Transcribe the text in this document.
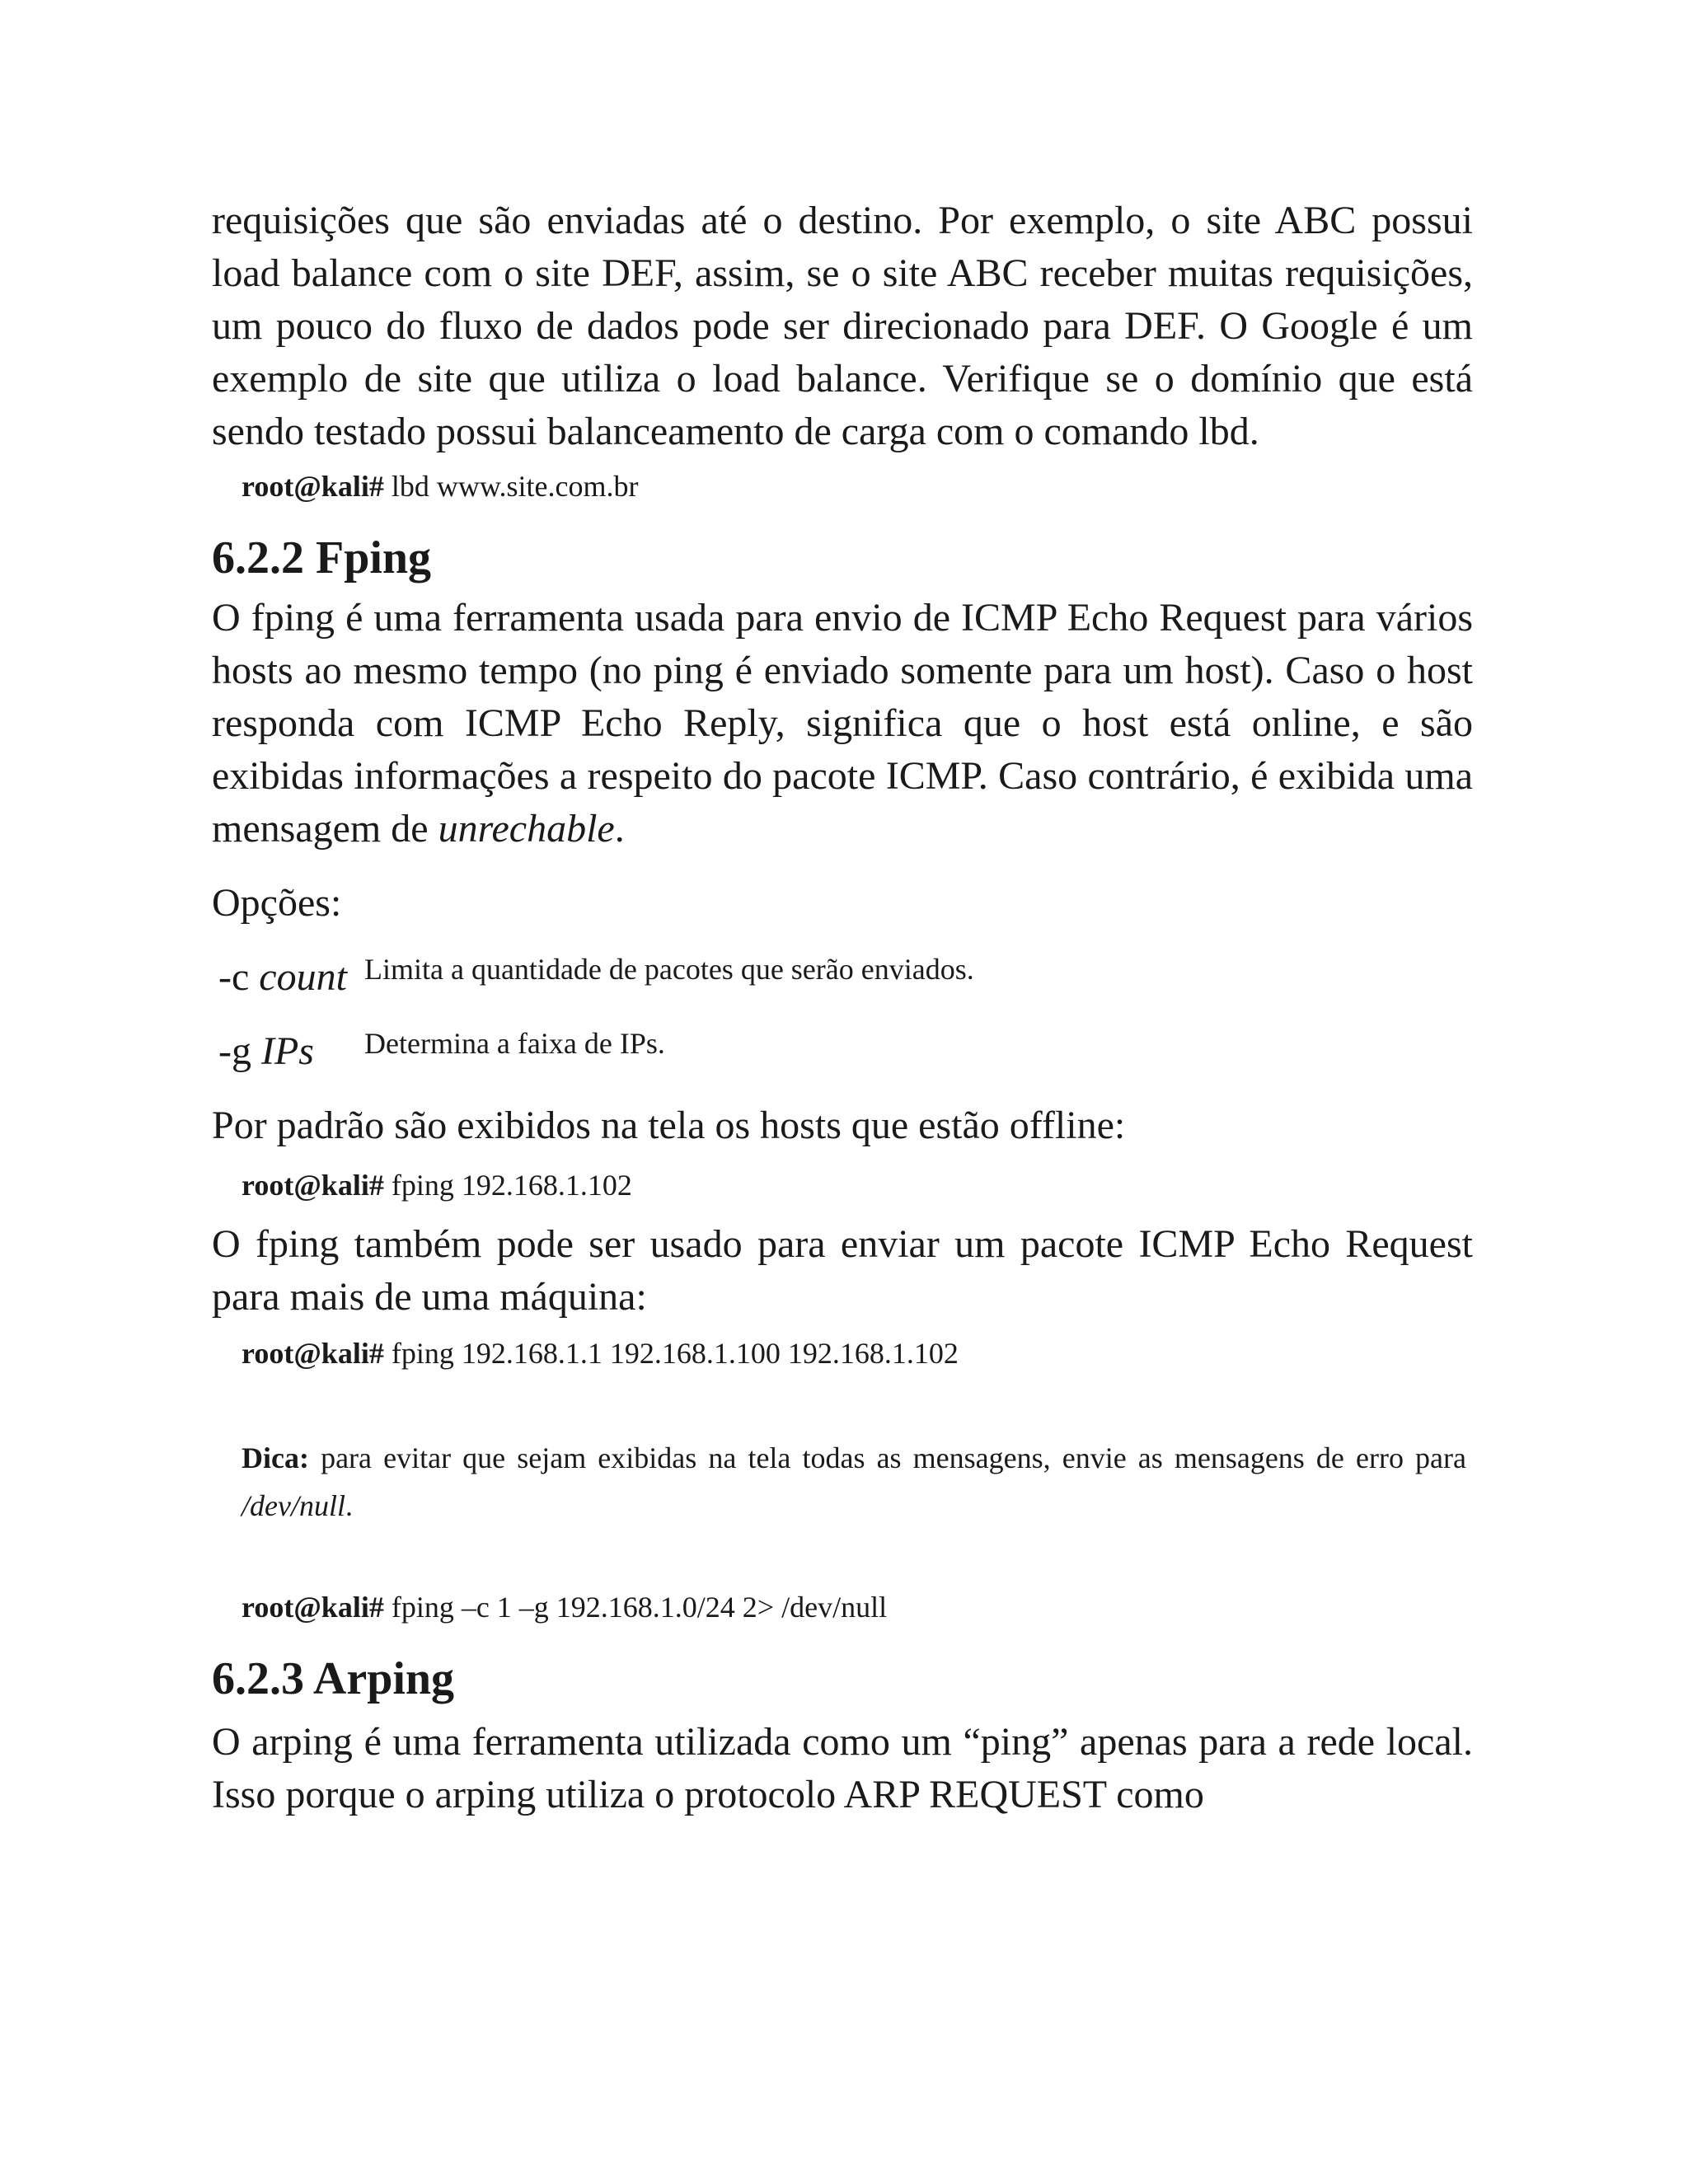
requisições que são enviadas até o destino. Por exemplo, o site ABC possui load balance com o site DEF, assim, se o site ABC receber muitas requisições, um pouco do fluxo de dados pode ser direcionado para DEF. O Google é um exemplo de site que utiliza o load balance. Verifique se o domínio que está sendo testado possui balanceamento de carga com o comando lbd.

root@kali# lbd www.site.com.br

6.2.2 Fping

O fping é uma ferramenta usada para envio de ICMP Echo Request para vários hosts ao mesmo tempo (no ping é enviado somente para um host). Caso o host responda com ICMP Echo Reply, significa que o host está online, e são exibidas informações a respeito do pacote ICMP. Caso contrário, é exibida uma mensagem de unrechable.

Opções:

-c count Limita a quantidade de pacotes que serão enviados.
-g IPs	Determina a faixa de IPs.

Por padrão são exibidos na tela os hosts que estão offline:

root@kali# fping 192.168.1.102

O fping também pode ser usado para enviar um pacote ICMP Echo Request para mais de uma máquina:

root@kali# fping 192.168.1.1 192.168.1.100 192.168.1.102

Dica: para evitar que sejam exibidas na tela todas as mensagens, envie as mensagens de erro para /dev/null.

root@kali# fping –c 1 –g 192.168.1.0/24 2> /dev/null

6.2.3 Arping

O arping é uma ferramenta utilizada como um “ping” apenas para a rede local. Isso porque o arping utiliza o protocolo ARP REQUEST como
